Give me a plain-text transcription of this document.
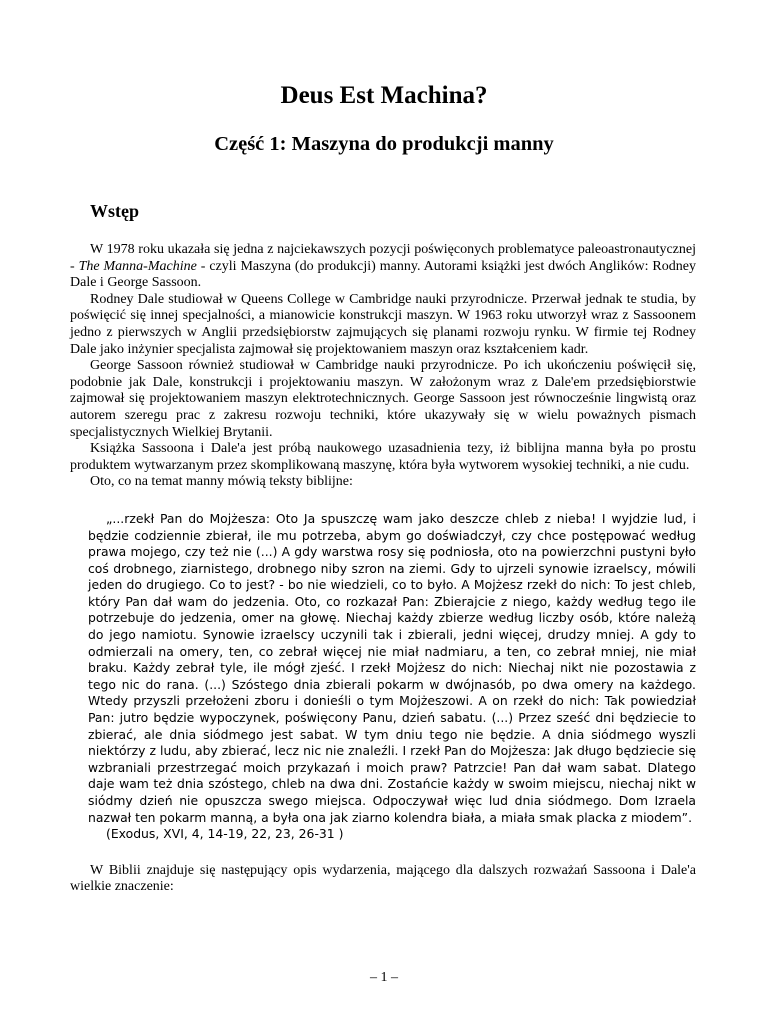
Deus Est Machina?
Część 1: Maszyna do produkcji manny
Wstęp

W 1978 roku ukazała się jedna z najciekawszych pozycji poświęconych problematyce paleoastronautycznej - The Manna-Machine - czyli Maszyna (do produkcji) manny. Autorami książki jest dwóch Anglików: Rodney Dale i George Sassoon.

Rodney Dale studiował w Queens College w Cambridge nauki przyrodnicze. Przerwał jednak te studia, by poświęcić się innej specjalności, a mianowicie konstrukcji maszyn. W 1963 roku utworzył wraz z Sassoonem jedno z pierwszych w Anglii przedsiębiorstw zajmujących się planami rozwoju rynku. W firmie tej Rodney Dale jako inżynier specjalista zajmował się projektowaniem maszyn oraz kształceniem kadr.

George Sassoon również studiował w Cambridge nauki przyrodnicze. Po ich ukończeniu poświęcił się, podobnie jak Dale, konstrukcji i projektowaniu maszyn. W założonym wraz z Dale'em przedsiębiorstwie zajmował się projektowaniem maszyn elektrotechnicznych. George Sassoon jest równocześnie lingwistą oraz autorem szeregu prac z zakresu rozwoju techniki, które ukazywały się w wielu poważnych pismach specjalistycznych Wielkiej Brytanii.

Książka Sassoona i Dale'a jest próbą naukowego uzasadnienia tezy, iż biblijna manna była po prostu produktem wytwarzanym przez skomplikowaną maszynę, która była wytworem wysokiej techniki, a nie cudu.

Oto, co na temat manny mówią teksty biblijne:

„...rzekł Pan do Mojżesza: Oto Ja spuszczę wam jako deszcze chleb z nieba! I wyjdzie lud, i będzie codziennie zbierał, ile mu potrzeba, abym go doświadczył, czy chce postępować według prawa mojego, czy też nie (...) A gdy warstwa rosy się podniosła, oto na powierzchni pustyni było coś drobnego, ziarnistego, drobnego niby szron na ziemi. Gdy to ujrzeli synowie izraelscy, mówili jeden do drugiego. Co to jest? - bo nie wiedzieli, co to było. A Mojżesz rzekł do nich: To jest chleb, który Pan dał wam do jedzenia. Oto, co rozkazał Pan: Zbierajcie z niego, każdy według tego ile potrzebuje do jedzenia, omer na głowę. Niechaj każdy zbierze według liczby osób, które należą do jego namiotu. Synowie izraelscy uczynili tak i zbierali, jedni więcej, drudzy mniej. A gdy to odmierzali na omery, ten, co zebrał więcej nie miał nadmiaru, a ten, co zebrał mniej, nie miał braku. Każdy zebrał tyle, ile mógł zjeść. I rzekł Mojżesz do nich: Niechaj nikt nie pozostawia z tego nic do rana. (...) Szóstego dnia zbierali pokarm w dwójnasób, po dwa omery na każdego. Wtedy przyszli przełożeni zboru i donieśli o tym Mojżeszowi. A on rzekł do nich: Tak powiedział Pan: jutro będzie wypoczynek, poświęcony Panu, dzień sabatu. (...) Przez sześć dni będziecie to zbierać, ale dnia siódmego jest sabat. W tym dniu tego nie będzie. A dnia siódmego wyszli niektórzy z ludu, aby zbierać, lecz nic nie znaleźli. I rzekł Pan do Mojżesza: Jak długo będziecie się wzbraniali przestrzegać moich przykazań i moich praw? Patrzcie! Pan dał wam sabat. Dlatego daje wam też dnia szóstego, chleb na dwa dni. Zostańcie każdy w swoim miejscu, niechaj nikt w siódmy dzień nie opuszcza swego miejsca. Odpoczywał więc lud dnia siódmego. Dom Izraela nazwał ten pokarm manną, a była ona jak ziarno kolendra biała, a miała smak placka z miodem”.

(Exodus, XVI, 4, 14-19, 22, 23, 26-31 )

W Biblii znajduje się następujący opis wydarzenia, mającego dla dalszych rozważań Sassoona i Dale'a wielkie znaczenie:

– 1 –
